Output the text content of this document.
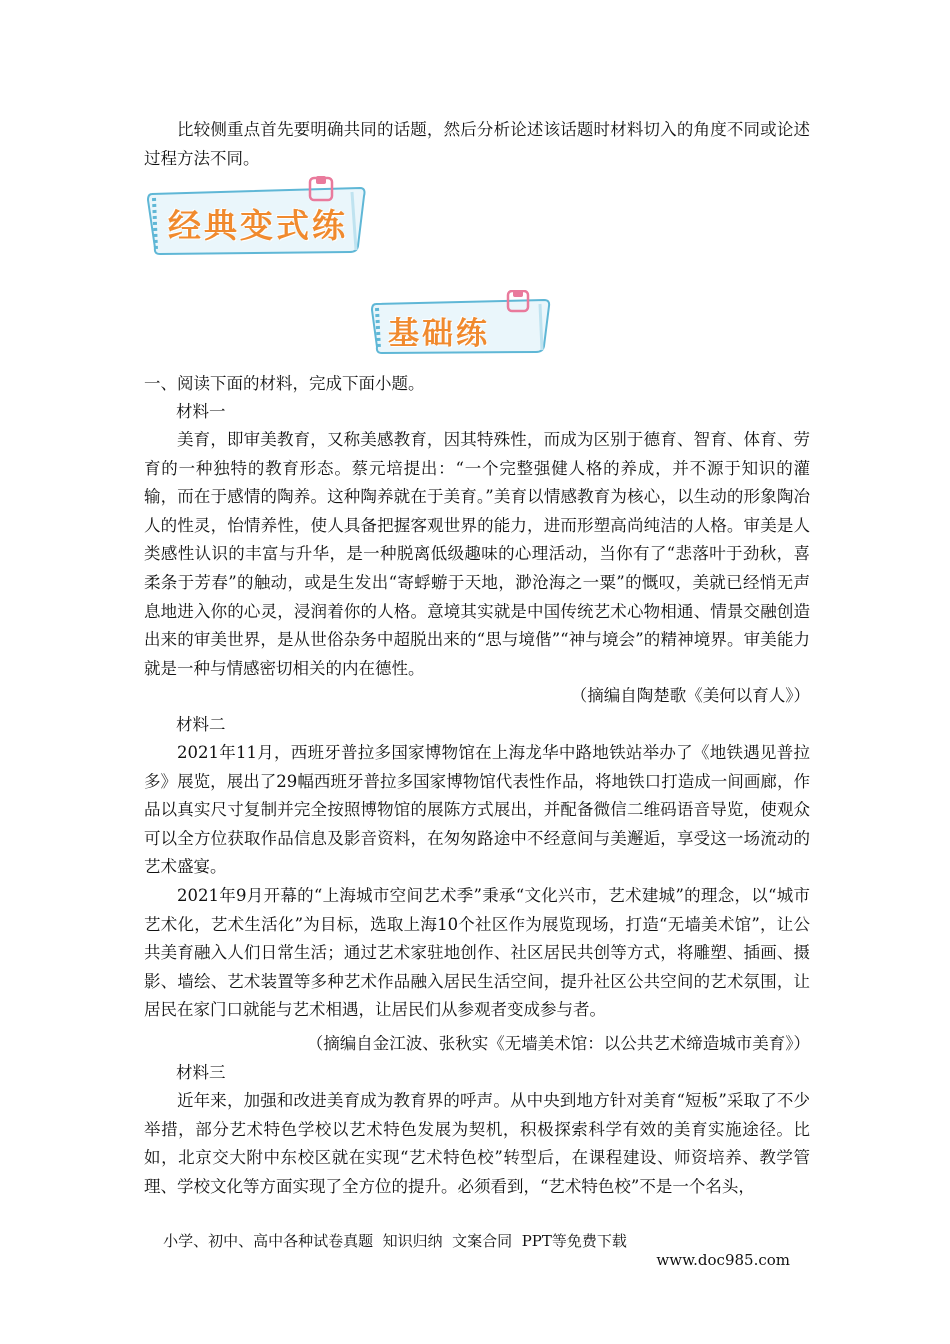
比较侧重点首先要明确共同的话题，然后分析论述该话题时材料切入的角度不同或论述过程方法不同。

经典变式练
基础练

一、阅读下面的材料，完成下面小题。

材料一

美育，即审美教育，又称美感教育，因其特殊性，而成为区别于德育、智育、体育、劳育的一种独特的教育形态。蔡元培提出：“一个完整强健人格的养成，并不源于知识的灌输，而在于感情的陶养。这种陶养就在于美育。”美育以情感教育为核心，以生动的形象陶冶人的性灵，怡情养性，使人具备把握客观世界的能力，进而形塑高尚纯洁的人格。审美是人类感性认识的丰富与升华，是一种脱离低级趣味的心理活动，当你有了“悲落叶于劲秋，喜柔条于芳春”的触动，或是生发出“寄蜉蝣于天地，渺沧海之一粟”的慨叹，美就已经悄无声息地进入你的心灵，浸润着你的人格。意境其实就是中国传统艺术心物相通、情景交融创造出来的审美世界，是从世俗杂务中超脱出来的“思与境偕”“神与境会”的精神境界。审美能力就是一种与情感密切相关的内在德性。

（摘编自陶楚歌《美何以育人》）

材料二

2021年11月，西班牙普拉多国家博物馆在上海龙华中路地铁站举办了《地铁遇见普拉多》展览，展出了29幅西班牙普拉多国家博物馆代表性作品，将地铁口打造成一间画廊，作品以真实尺寸复制并完全按照博物馆的展陈方式展出，并配备微信二维码语音导览，使观众可以全方位获取作品信息及影音资料，在匆匆路途中不经意间与美邂逅，享受这一场流动的艺术盛宴。

2021年9月开幕的“上海城市空间艺术季”秉承“文化兴市，艺术建城”的理念，以“城市艺术化，艺术生活化”为目标，选取上海10个社区作为展览现场，打造“无墙美术馆”，让公共美育融入人们日常生活；通过艺术家驻地创作、社区居民共创等方式，将雕塑、插画、摄影、墙绘、艺术装置等多种艺术作品融入居民生活空间，提升社区公共空间的艺术氛围，让居民在家门口就能与艺术相遇，让居民们从参观者变成参与者。

（摘编自金江波、张秋实《无墙美术馆：以公共艺术缔造城市美育》）

材料三

近年来，加强和改进美育成为教育界的呼声。从中央到地方针对美育“短板”采取了不少举措，部分艺术特色学校以艺术特色发展为契机，积极探索科学有效的美育实施途径。比如，北京交大附中东校区就在实现“艺术特色校”转型后，在课程建设、师资培养、教学管理、学校文化等方面实现了全方位的提升。必须看到，“艺术特色校”不是一个名头，

小学、初中、高中各种试卷真题  知识归纳  文案合同  PPT等免费下载

www.doc985.com
